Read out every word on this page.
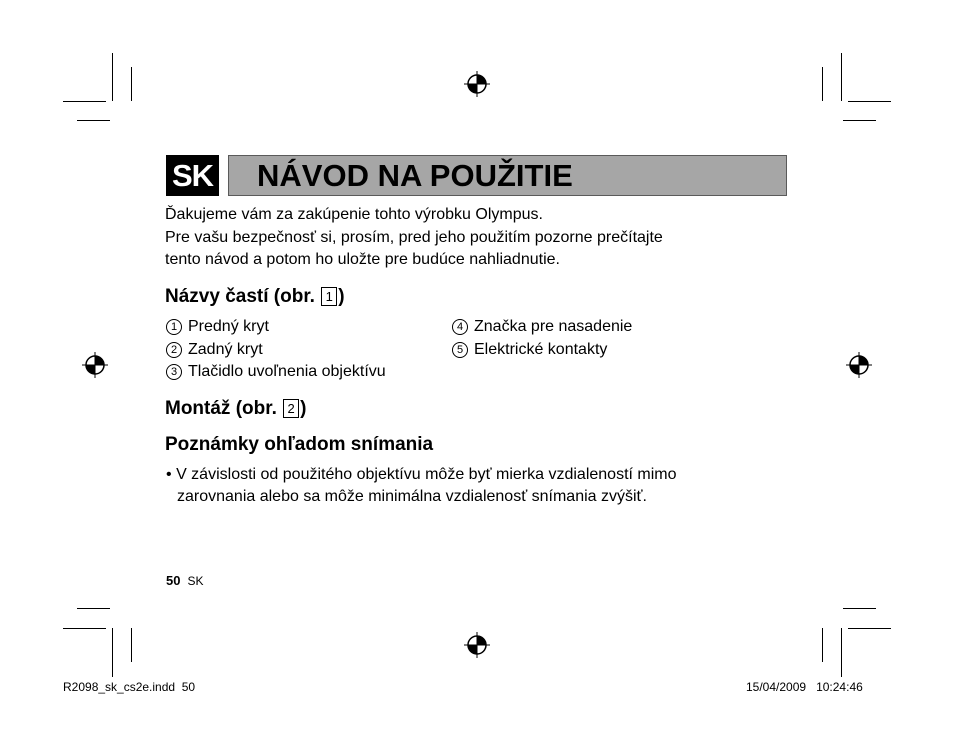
SK NÁVOD NA POUŽITIE

Ďakujeme vám za zakúpenie tohto výrobku Olympus.

Pre vašu bezpečnosť si, prosím, pred jeho použitím pozorne prečítajte

tento návod a potom ho uložte pre budúce nahliadnutie.

Názvy častí (obr. 1 )
1 Predný kryt
2 Zadný kryt
3 Tlačidlo uvoľnenia objektívu
4 Značka pre nasadenie
5 Elektrické kontakty
Montáž (obr. 2 )
Poznámky ohľadom snímania
• V závislosti od použitého objektívu môže byť mierka vzdialeností mimo
zarovnania alebo sa môže minimálna vzdialenosť snímania zvýšiť.
50 SK
R2098_sk_cs2e.indd 50	15/04/2009 10:24:46
